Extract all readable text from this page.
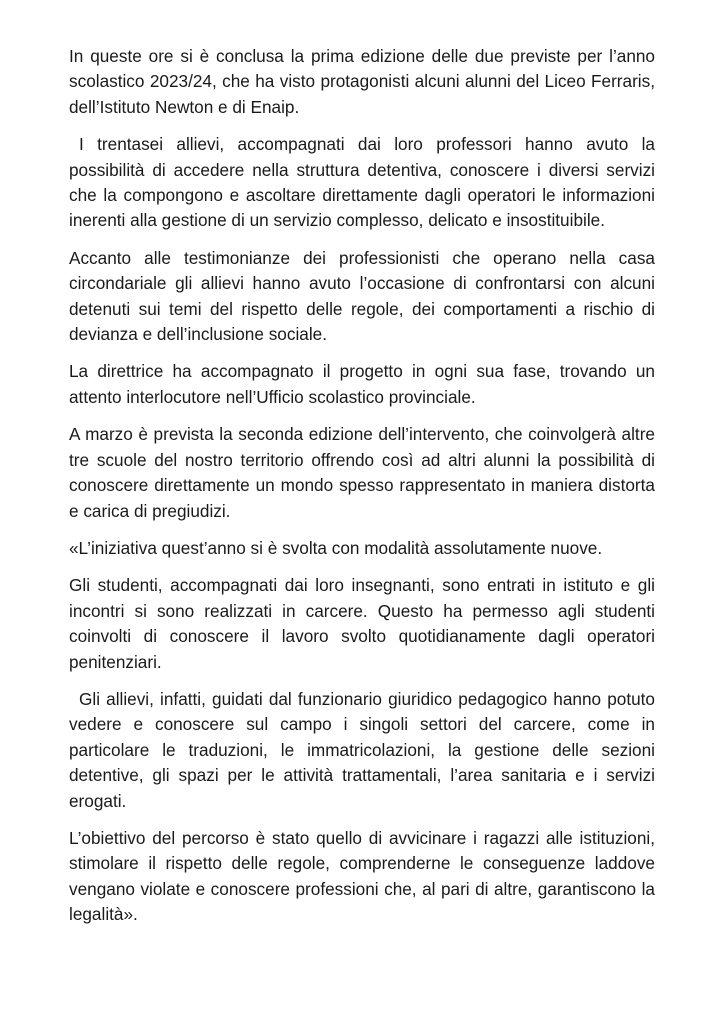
In queste ore si è conclusa la prima edizione delle due previste per l’anno scolastico 2023/24, che ha visto protagonisti alcuni alunni del Liceo Ferraris, dell’Istituto Newton e di Enaip.

I trentasei allievi, accompagnati dai loro professori hanno avuto la possibilità di accedere nella struttura detentiva, conoscere i diversi servizi che la compongono e ascoltare direttamente dagli operatori le informazioni inerenti alla gestione di un servizio complesso, delicato e insostituibile.

Accanto alle testimonianze dei professionisti che operano nella casa circondariale gli allievi hanno avuto l’occasione di confrontarsi con alcuni detenuti sui temi del rispetto delle regole, dei comportamenti a rischio di devianza e dell’inclusione sociale.

La direttrice ha accompagnato il progetto in ogni sua fase, trovando un attento interlocutore nell’Ufficio scolastico provinciale.

A marzo è prevista la seconda edizione dell’intervento, che coinvolgerà altre tre scuole del nostro territorio offrendo così ad altri alunni la possibilità di conoscere direttamente un mondo spesso rappresentato in maniera distorta e carica di pregiudizi.

«L’iniziativa quest’anno si è svolta con modalità assolutamente nuove.

Gli studenti, accompagnati dai loro insegnanti, sono entrati in istituto e gli incontri si sono realizzati in carcere. Questo ha permesso agli studenti coinvolti di conoscere il lavoro svolto quotidianamente dagli operatori penitenziari.

Gli allievi, infatti, guidati dal funzionario giuridico pedagogico hanno potuto vedere e conoscere sul campo i singoli settori del carcere, come in particolare le traduzioni, le immatricolazioni, la gestione delle sezioni detentive, gli spazi per le attività trattamentali, l’area sanitaria e i servizi erogati.

L’obiettivo del percorso è stato quello di avvicinare i ragazzi alle istituzioni, stimolare il rispetto delle regole, comprenderne le conseguenze laddove vengano violate e conoscere professioni che, al pari di altre, garantiscono la legalità».
